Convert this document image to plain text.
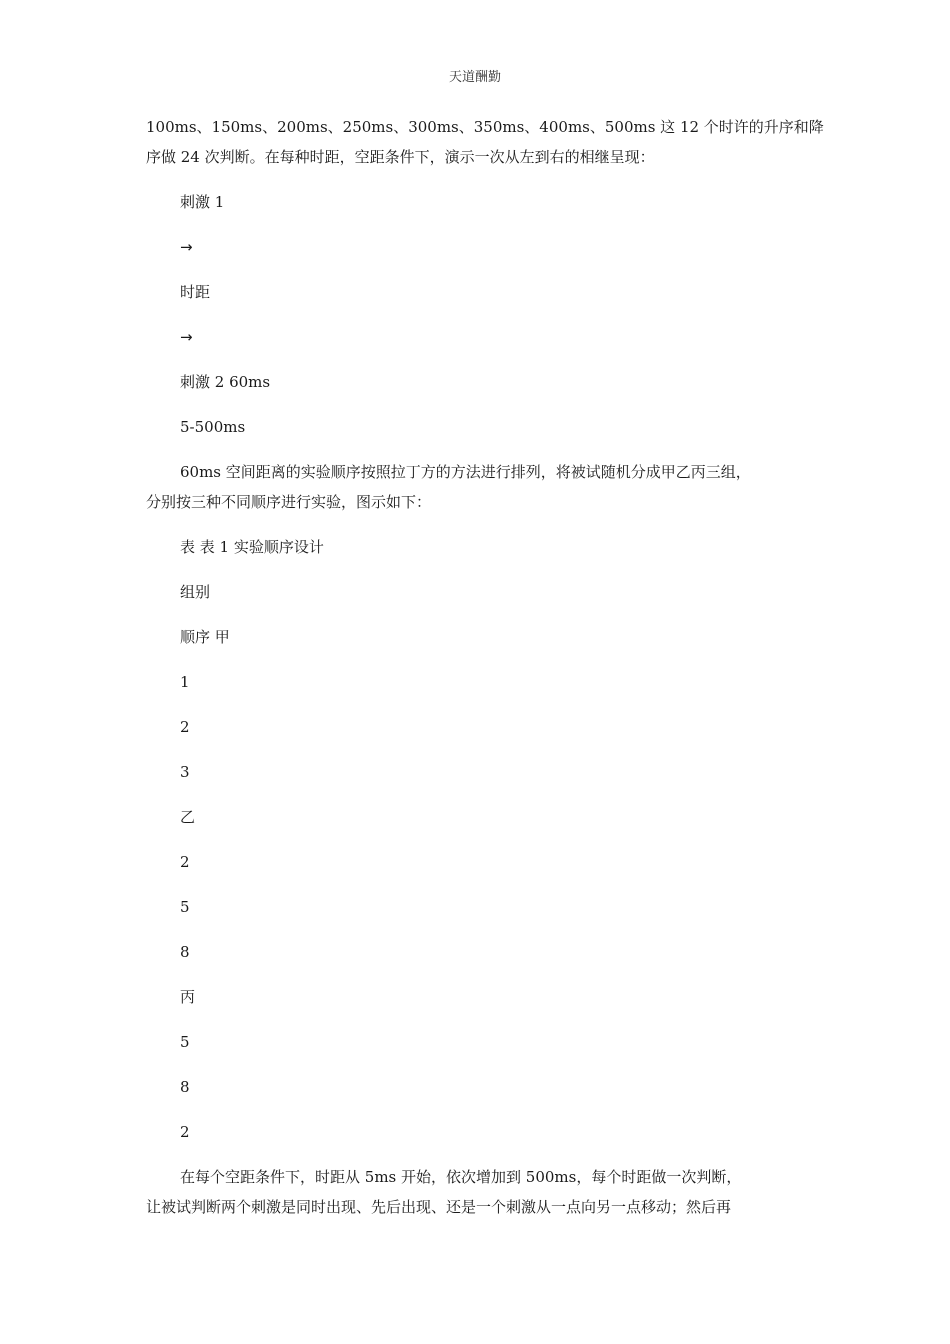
天道酬勤
100ms、150ms、200ms、250ms、300ms、350ms、400ms、500ms 这 12 个时许的升序和降
序做 24 次判断。在每种时距，空距条件下，演示一次从左到右的相继呈现：
刺激 1
→
时距
→
刺激 2 60ms
5-500ms
60ms 空间距离的实验顺序按照拉丁方的方法进行排列，将被试随机分成甲乙丙三组，
分别按三种不同顺序进行实验，图示如下：
表 表 1 实验顺序设计
组别
顺序 甲
1
2
3
乙
2
5
8
丙
5
8
2
在每个空距条件下，时距从 5ms 开始，依次增加到 500ms，每个时距做一次判断，
让被试判断两个刺激是同时出现、先后出现、还是一个刺激从一点向另一点移动；然后再
